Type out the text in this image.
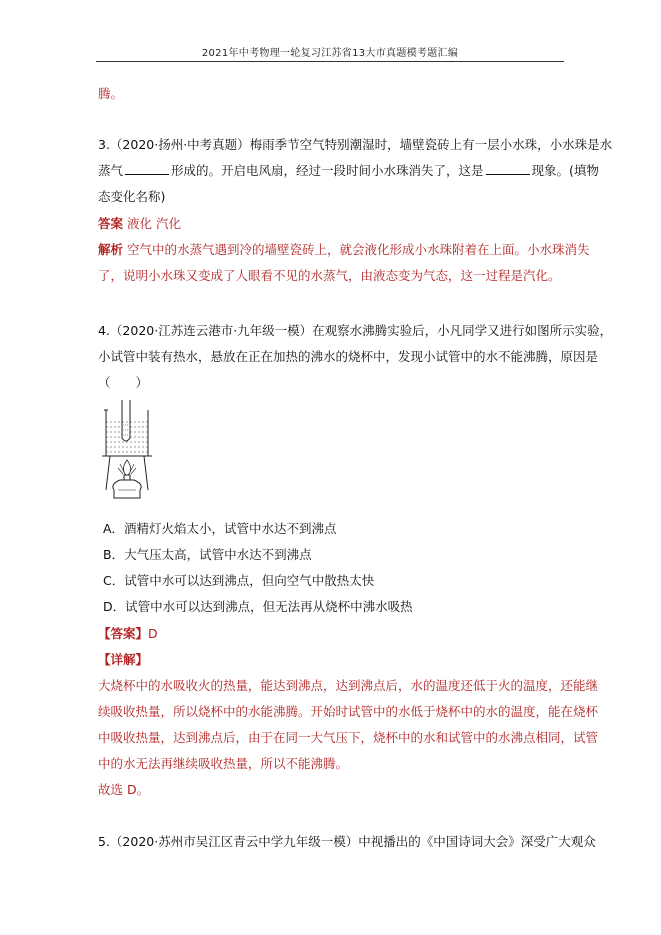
2021年中考物理一轮复习江苏省13大市真题模考题汇编
腾。
3.（2020·扬州·中考真题）梅雨季节空气特别潮湿时，墙壁瓷砖上有一层小水珠，小水珠是水
蒸气	形成的。开启电风扇，经过一段时间小水珠消失了，这是	现象。(填物
态变化名称)
答案 液化 汽化
解析 空气中的水蒸气遇到冷的墙壁瓷砖上，就会液化形成小水珠附着在上面。小水珠消失
了，说明小水珠又变成了人眼看不见的水蒸气，由液态变为气态，这一过程是汽化。
4.（2020·江苏连云港市·九年级一模）在观察水沸腾实验后，小凡同学又进行如图所示实验，
小试管中装有热水，悬放在正在加热的沸水的烧杯中，发现小试管中的水不能沸腾，原因是
（　　）
A．酒精灯火焰太小，试管中水达不到沸点
B．大气压太高，试管中水达不到沸点
C．试管中水可以达到沸点，但向空气中散热太快
D．试管中水可以达到沸点，但无法再从烧杯中沸水吸热
【答案】D
【详解】
大烧杯中的水吸收火的热量，能达到沸点，达到沸点后，水的温度还低于火的温度，还能继
续吸收热量，所以烧杯中的水能沸腾。开始时试管中的水低于烧杯中的水的温度，能在烧杯
中吸收热量，达到沸点后，由于在同一大气压下，烧杯中的水和试管中的水沸点相同，试管
中的水无法再继续吸收热量，所以不能沸腾。
故选 D。
5.（2020·苏州市吴江区青云中学九年级一模）中视播出的《中国诗词大会》深受广大观众
